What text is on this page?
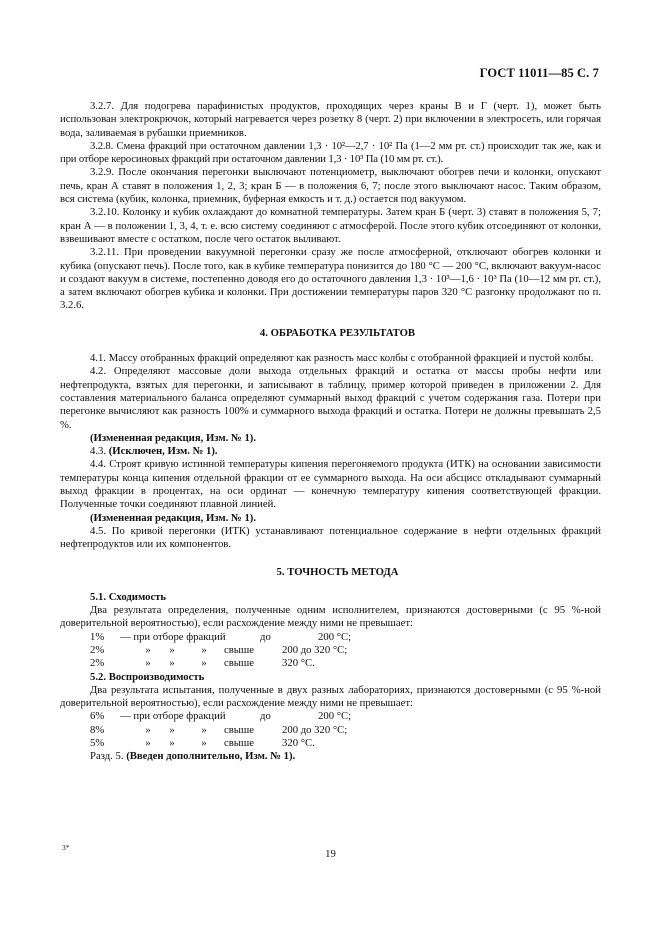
ГОСТ 11011—85 С. 7

3.2.7. Для подогрева парафинистых продуктов, проходящих через краны В и Г (черт. 1), может быть использован электрокрючок, который нагревается через розетку 8 (черт. 2) при включении в электросеть, или горячая вода, заливаемая в рубашки приемников.

3.2.8. Смена фракций при остаточном давлении 1,3 · 10²—2,7 · 10² Па (1—2 мм рт. ст.) происходит так же, как и при отборе керосиновых фракций при остаточном давлении 1,3 · 10³ Па (10 мм рт. ст.).

3.2.9. После окончания перегонки выключают потенциометр, выключают обогрев печи и колонки, опускают печь, кран А ставят в положения 1, 2, 3; кран Б — в положения 6, 7; после этого выключают насос. Таким образом, вся система (кубик, колонка, приемник, буферная емкость и т. д.) остается под вакуумом.

3.2.10. Колонку и кубик охлаждают до комнатной температуры. Затем кран Б (черт. 3) ставят в положения 5, 7; кран А — в положении 1, 3, 4, т. е. всю систему соединяют с атмосферой. После этого кубик отсоединяют от колонки, взвешивают вместе с остатком, после чего остаток выливают.

3.2.11. При проведении вакуумной перегонки сразу же после атмосферной, отключают обогрев колонки и кубика (опускают печь). После того, как в кубике температура понизится до 180 °С — 200 °С, включают вакуум-насос и создают вакуум в системе, постепенно доводя его до остаточного давления 1,3 · 10³—1,6 · 10³ Па (10—12 мм рт. ст.), а затем включают обогрев кубика и колонки. При достижении температуры паров 320 °С разгонку продолжают по п. 3.2.6.

4. ОБРАБОТКА РЕЗУЛЬТАТОВ

4.1. Массу отобранных фракций определяют как разность масс колбы с отобранной фракцией и пустой колбы.

4.2. Определяют массовые доли выхода отдельных фракций и остатка от массы пробы нефти или нефтепродукта, взятых для перегонки, и записывают в таблицу, пример которой приведен в приложении 2. Для составления материального баланса определяют суммарный выход фракций с учетом содержания газа. Потери при перегонке вычисляют как разность 100% и суммарного выхода фракций и остатка. Потери не должны превышать 2,5 %.

(Измененная редакция, Изм. № 1).

4.3. (Исключен, Изм. № 1).

4.4. Строят кривую истинной температуры кипения перегоняемого продукта (ИТК) на основании зависимости температуры конца кипения отдельной фракции от ее суммарного выхода. На оси абсцисс откладывают суммарный выход фракции в процентах, на оси ординат — конечную температуру кипения соответствующей фракции. Полученные точки соединяют плавной линией.

(Измененная редакция, Изм. № 1).

4.5. По кривой перегонки (ИТК) устанавливают потенциальное содержание в нефти отдельных фракций нефтепродуктов или их компонентов.

5. ТОЧНОСТЬ МЕТОДА

5.1. Сходимость

Два результата определения, полученные одним исполнителем, признаются достоверными (с 95 %-ной доверительной вероятностью), если расхождение между ними не превышает:

1%	— при отборе фракций	до	200 °С;
2%	»	»	»	свыше	200 до 320 °С;
2%	»	»	»	свыше	320 °С.

5.2. Воспроизводимость

Два результата испытания, полученные в двух разных лабораториях, признаются достоверными (с 95 %-ной доверительной вероятностью), если расхождение между ними не превышает:

6%	— при отборе фракций	до	200 °С;
8%	»	»	»	свыше	200 до 320 °С;
5%	»	»	»	свыше	320 °С.

Разд. 5. (Введен дополнительно, Изм. № 1).

3*
19
